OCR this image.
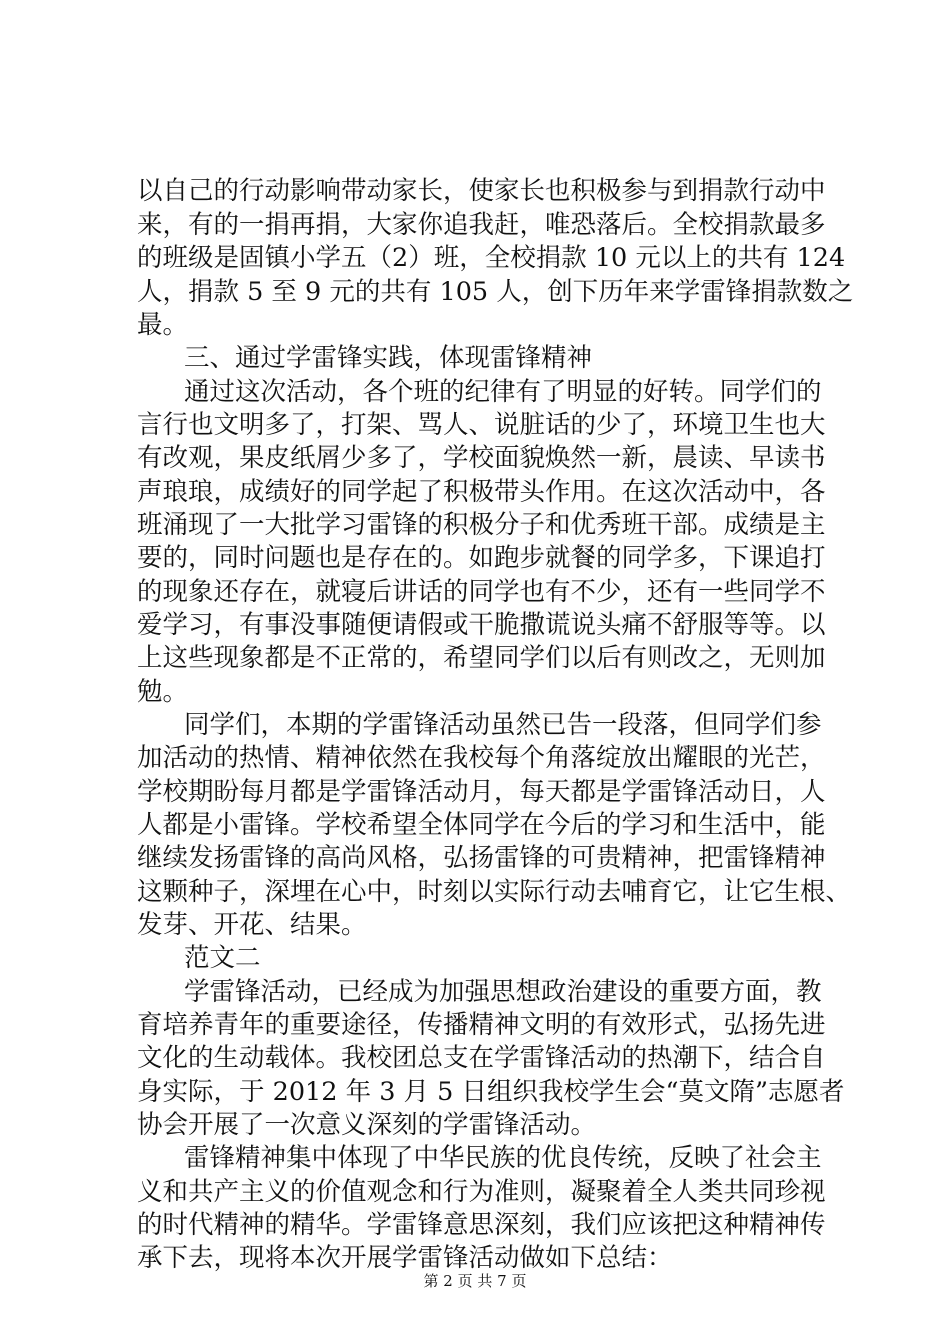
以自己的行动影响带动家长，使家长也积极参与到捐款行动中

来，有的一捐再捐，大家你追我赶，唯恐落后。全校捐款最多

的班级是固镇小学五（2）班，全校捐款 10 元以上的共有 124

人，捐款 5 至 9 元的共有 105 人，创下历年来学雷锋捐款数之

最。

三、通过学雷锋实践，体现雷锋精神

通过这次活动，各个班的纪律有了明显的好转。同学们的

言行也文明多了，打架、骂人、说脏话的少了，环境卫生也大

有改观，果皮纸屑少多了，学校面貌焕然一新，晨读、早读书

声琅琅，成绩好的同学起了积极带头作用。在这次活动中，各

班涌现了一大批学习雷锋的积极分子和优秀班干部。成绩是主

要的，同时问题也是存在的。如跑步就餐的同学多，下课追打

的现象还存在，就寝后讲话的同学也有不少，还有一些同学不

爱学习，有事没事随便请假或干脆撒谎说头痛不舒服等等。以

上这些现象都是不正常的，希望同学们以后有则改之，无则加

勉。

同学们，本期的学雷锋活动虽然已告一段落，但同学们参

加活动的热情、精神依然在我校每个角落绽放出耀眼的光芒，

学校期盼每月都是学雷锋活动月，每天都是学雷锋活动日，人

人都是小雷锋。学校希望全体同学在今后的学习和生活中，能

继续发扬雷锋的高尚风格，弘扬雷锋的可贵精神，把雷锋精神

这颗种子，深埋在心中，时刻以实际行动去哺育它，让它生根、

发芽、开花、结果。

范文二

学雷锋活动，已经成为加强思想政治建设的重要方面，教

育培养青年的重要途径，传播精神文明的有效形式，弘扬先进

文化的生动载体。我校团总支在学雷锋活动的热潮下，结合自

身实际，于 2012 年 3 月 5 日组织我校学生会“莫文隋”志愿者

协会开展了一次意义深刻的学雷锋活动。

雷锋精神集中体现了中华民族的优良传统，反映了社会主

义和共产主义的价值观念和行为准则，凝聚着全人类共同珍视

的时代精神的精华。学雷锋意思深刻，我们应该把这种精神传

承下去，现将本次开展学雷锋活动做如下总结：

第 2 页 共 7 页
